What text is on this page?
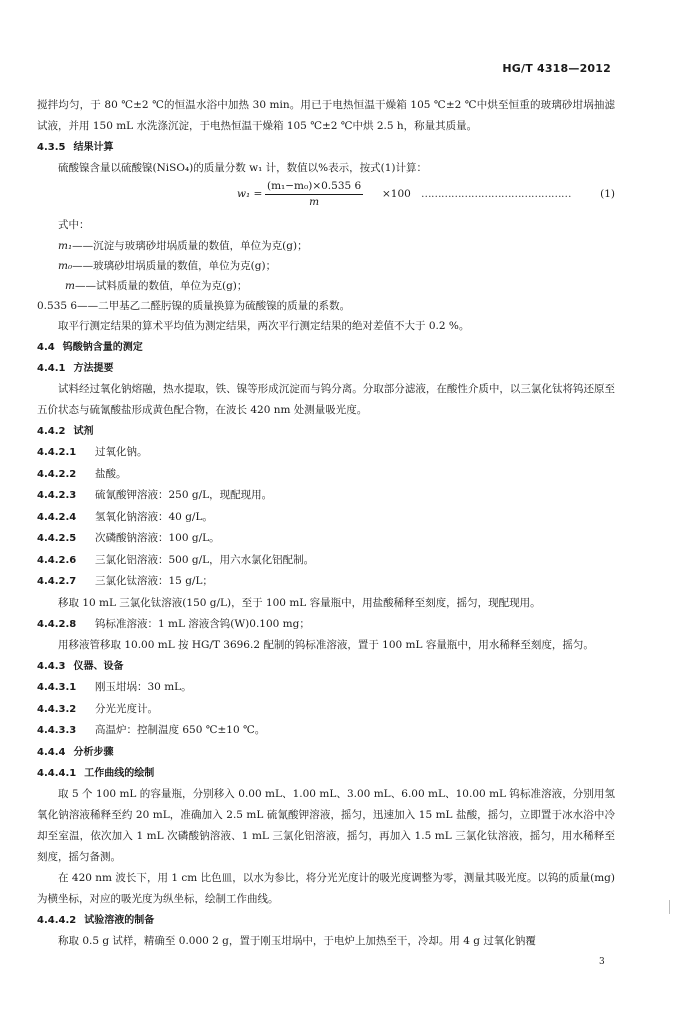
HG/T 4318—2012

搅拌均匀，于 80 ℃±2 ℃的恒温水浴中加热 30 min。用已于电热恒温干燥箱 105 ℃±2 ℃中烘至恒重的玻璃砂坩埚抽滤试液，并用 150 mL 水洗涤沉淀，于电热恒温干燥箱 105 ℃±2 ℃中烘 2.5 h，称量其质量。

4.3.5 结果计算

硫酸镍含量以硫酸镍(NiSO₄)的质量分数 w₁ 计，数值以%表示，按式(1)计算：

$w_1 = \frac{\text{(m₁−m₀)×0.535 6}}{m} \times 100$ ………………………………………	(1)

式中：

m₁——沉淀与玻璃砂坩埚质量的数值，单位为克(g)；

m₀——玻璃砂坩埚质量的数值，单位为克(g)；

m——试料质量的数值，单位为克(g)；

0.535 6——二甲基乙二醛肟镍的质量换算为硫酸镍的质量的系数。

取平行测定结果的算术平均值为测定结果，两次平行测定结果的绝对差值不大于 0.2 %。

4.4 钨酸钠含量的测定

4.4.1 方法提要

试料经过氧化钠熔融，热水提取，铁、镍等形成沉淀而与钨分离。分取部分滤液，在酸性介质中，以三氯化钛将钨还原至五价状态与硫氰酸盐形成黄色配合物，在波长 420 nm 处测量吸光度。

4.4.2 试剂

4.4.2.1 过氧化钠。

4.4.2.2 盐酸。

4.4.2.3 硫氰酸钾溶液：250 g/L，现配现用。

4.4.2.4 氢氧化钠溶液：40 g/L。

4.4.2.5 次磷酸钠溶液：100 g/L。

4.4.2.6 三氯化铝溶液：500 g/L，用六水氯化铝配制。

4.4.2.7 三氯化钛溶液：15 g/L；

移取 10 mL 三氯化钛溶液(150 g/L)，至于 100 mL 容量瓶中，用盐酸稀释至刻度，摇匀，现配现用。

4.4.2.8 钨标准溶液：1 mL 溶液含钨(W)0.100 mg；

用移液管移取 10.00 mL 按 HG/T 3696.2 配制的钨标准溶液，置于 100 mL 容量瓶中，用水稀释至刻度，摇匀。

4.4.3 仪器、设备

4.4.3.1 刚玉坩埚：30 mL。

4.4.3.2 分光光度计。

4.4.3.3 高温炉：控制温度 650 ℃±10 ℃。

4.4.4 分析步骤

4.4.4.1 工作曲线的绘制

取 5 个 100 mL 的容量瓶，分别移入 0.00 mL、1.00 mL、3.00 mL、6.00 mL、10.00 mL 钨标准溶液，分别用氢氧化钠溶液稀释至约 20 mL，准确加入 2.5 mL 硫氰酸钾溶液，摇匀，迅速加入 15 mL 盐酸，摇匀，立即置于冰水浴中冷却至室温，依次加入 1 mL 次磷酸钠溶液、1 mL 三氯化铝溶液，摇匀，再加入 1.5 mL 三氯化钛溶液，摇匀，用水稀释至刻度，摇匀备测。

在 420 nm 波长下，用 1 cm 比色皿，以水为参比，将分光光度计的吸光度调整为零，测量其吸光度。以钨的质量(mg)为横坐标，对应的吸光度为纵坐标，绘制工作曲线。

4.4.4.2 试验溶液的制备

称取 0.5 g 试样，精确至 0.000 2 g，置于刚玉坩埚中，于电炉上加热至干，冷却。用 4 g 过氧化钠覆

3
